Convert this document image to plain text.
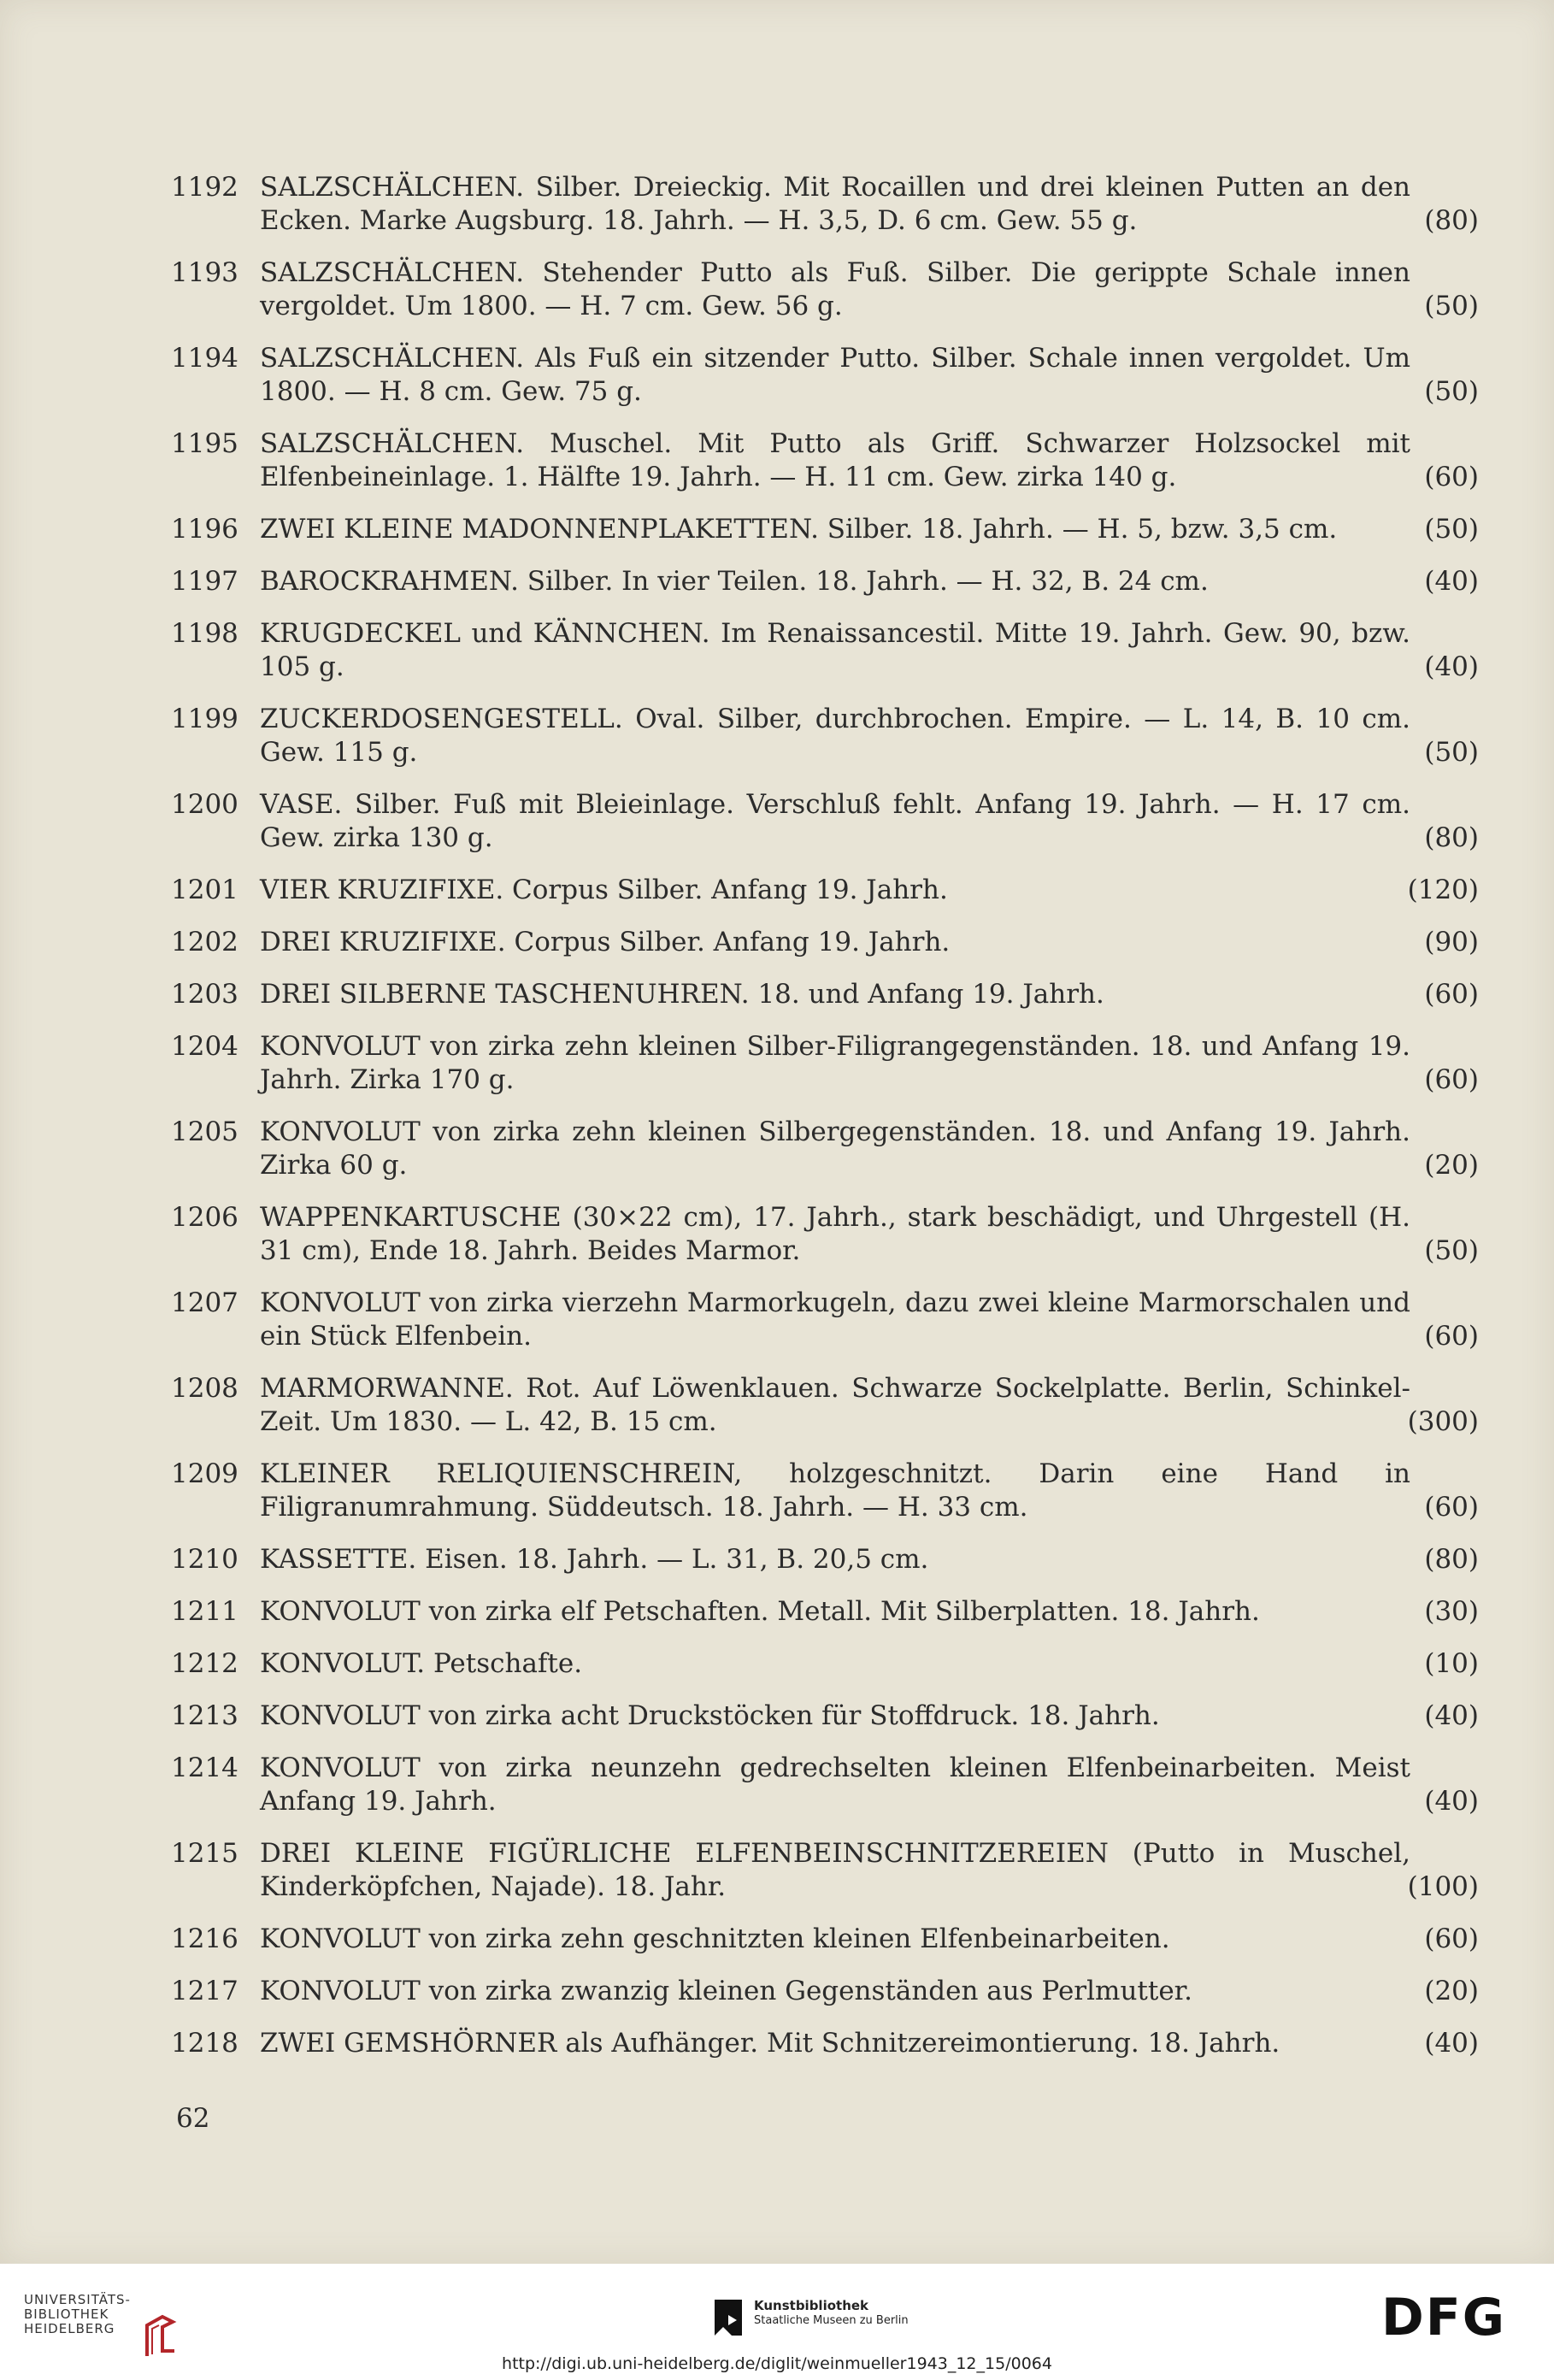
1192 SALZSCHÄLCHEN. Silber. Dreieckig. Mit Rocaillen und drei kleinen Putten an den Ecken. Marke Augsburg. 18. Jahrh. — H. 3,5, D. 6 cm. Gew. 55 g.	(80)
1193 SALZSCHÄLCHEN. Stehender Putto als Fuß. Silber. Die gerippte Schale innen vergoldet. Um 1800. — H. 7 cm. Gew. 56 g.	(50)
1194 SALZSCHÄLCHEN. Als Fuß ein sitzender Putto. Silber. Schale innen vergoldet. Um 1800. — H. 8 cm. Gew. 75 g.	(50)
1195 SALZSCHÄLCHEN. Muschel. Mit Putto als Griff. Schwarzer Holzsockel mit Elfenbeineinlage. 1. Hälfte 19. Jahrh. — H. 11 cm. Gew. zirka 140 g.	(60)
1196 ZWEI KLEINE MADONNENPLAKETTEN. Silber. 18. Jahrh. — H. 5, bzw. 3,5 cm.	(50)
1197 BAROCKRAHMEN. Silber. In vier Teilen. 18. Jahrh. — H. 32, B. 24 cm.	(40)
1198 KRUGDECKEL und KÄNNCHEN. Im Renaissancestil. Mitte 19. Jahrh. Gew. 90, bzw. 105 g.	(40)
1199 ZUCKERDOSENGESTELL. Oval. Silber, durchbrochen. Empire. — L. 14, B. 10 cm. Gew. 115 g.	(50)
1200 VASE. Silber. Fuß mit Bleieinlage. Verschluß fehlt. Anfang 19. Jahrh. — H. 17 cm. Gew. zirka 130 g.	(80)
1201 VIER KRUZIFIXE. Corpus Silber. Anfang 19. Jahrh.	(120)
1202 DREI KRUZIFIXE. Corpus Silber. Anfang 19. Jahrh.	(90)
1203 DREI SILBERNE TASCHENUHREN. 18. und Anfang 19. Jahrh.	(60)
1204 KONVOLUT von zirka zehn kleinen Silber-Filigrangegenständen. 18. und Anfang 19. Jahrh. Zirka 170 g.	(60)
1205 KONVOLUT von zirka zehn kleinen Silbergegenständen. 18. und Anfang 19. Jahrh. Zirka 60 g.	(20)
1206 WAPPENKARTUSCHE (30×22 cm), 17. Jahrh., stark beschädigt, und Uhrgestell (H. 31 cm), Ende 18. Jahrh. Beides Marmor.	(50)
1207 KONVOLUT von zirka vierzehn Marmorkugeln, dazu zwei kleine Marmorschalen und ein Stück Elfenbein.	(60)
1208 MARMORWANNE. Rot. Auf Löwenklauen. Schwarze Sockelplatte. Berlin, Schinkel-Zeit. Um 1830. — L. 42, B. 15 cm.	(300)
1209 KLEINER RELIQUIENSCHREIN, holzgeschnitzt. Darin eine Hand in Filigranumrahmung. Süddeutsch. 18. Jahrh. — H. 33 cm.	(60)
1210 KASSETTE. Eisen. 18. Jahrh. — L. 31, B. 20,5 cm.	(80)
1211 KONVOLUT von zirka elf Petschaften. Metall. Mit Silberplatten. 18. Jahrh.	(30)
1212 KONVOLUT. Petschafte.	(10)
1213 KONVOLUT von zirka acht Druckstöcken für Stoffdruck. 18. Jahrh.	(40)
1214 KONVOLUT von zirka neunzehn gedrechselten kleinen Elfenbeinarbeiten. Meist Anfang 19. Jahrh.	(40)
1215 DREI KLEINE FIGÜRLICHE ELFENBEINSCHNITZEREIEN (Putto in Muschel, Kinderköpfchen, Najade). 18. Jahr.	(100)
1216 KONVOLUT von zirka zehn geschnitzten kleinen Elfenbeinarbeiten.	(60)
1217 KONVOLUT von zirka zwanzig kleinen Gegenständen aus Perlmutter.	(20)
1218 ZWEI GEMSHÖRNER als Aufhänger. Mit Schnitzereimontierung. 18. Jahrh.	(40)
62
UNIVERSITÄTS-
BIBLIOTHEK
HEIDELBERG
Kunstbibliothek
Staatliche Museen zu Berlin	DFG
http://digi.ub.uni-heidelberg.de/diglit/weinmueller1943_12_15/0064
